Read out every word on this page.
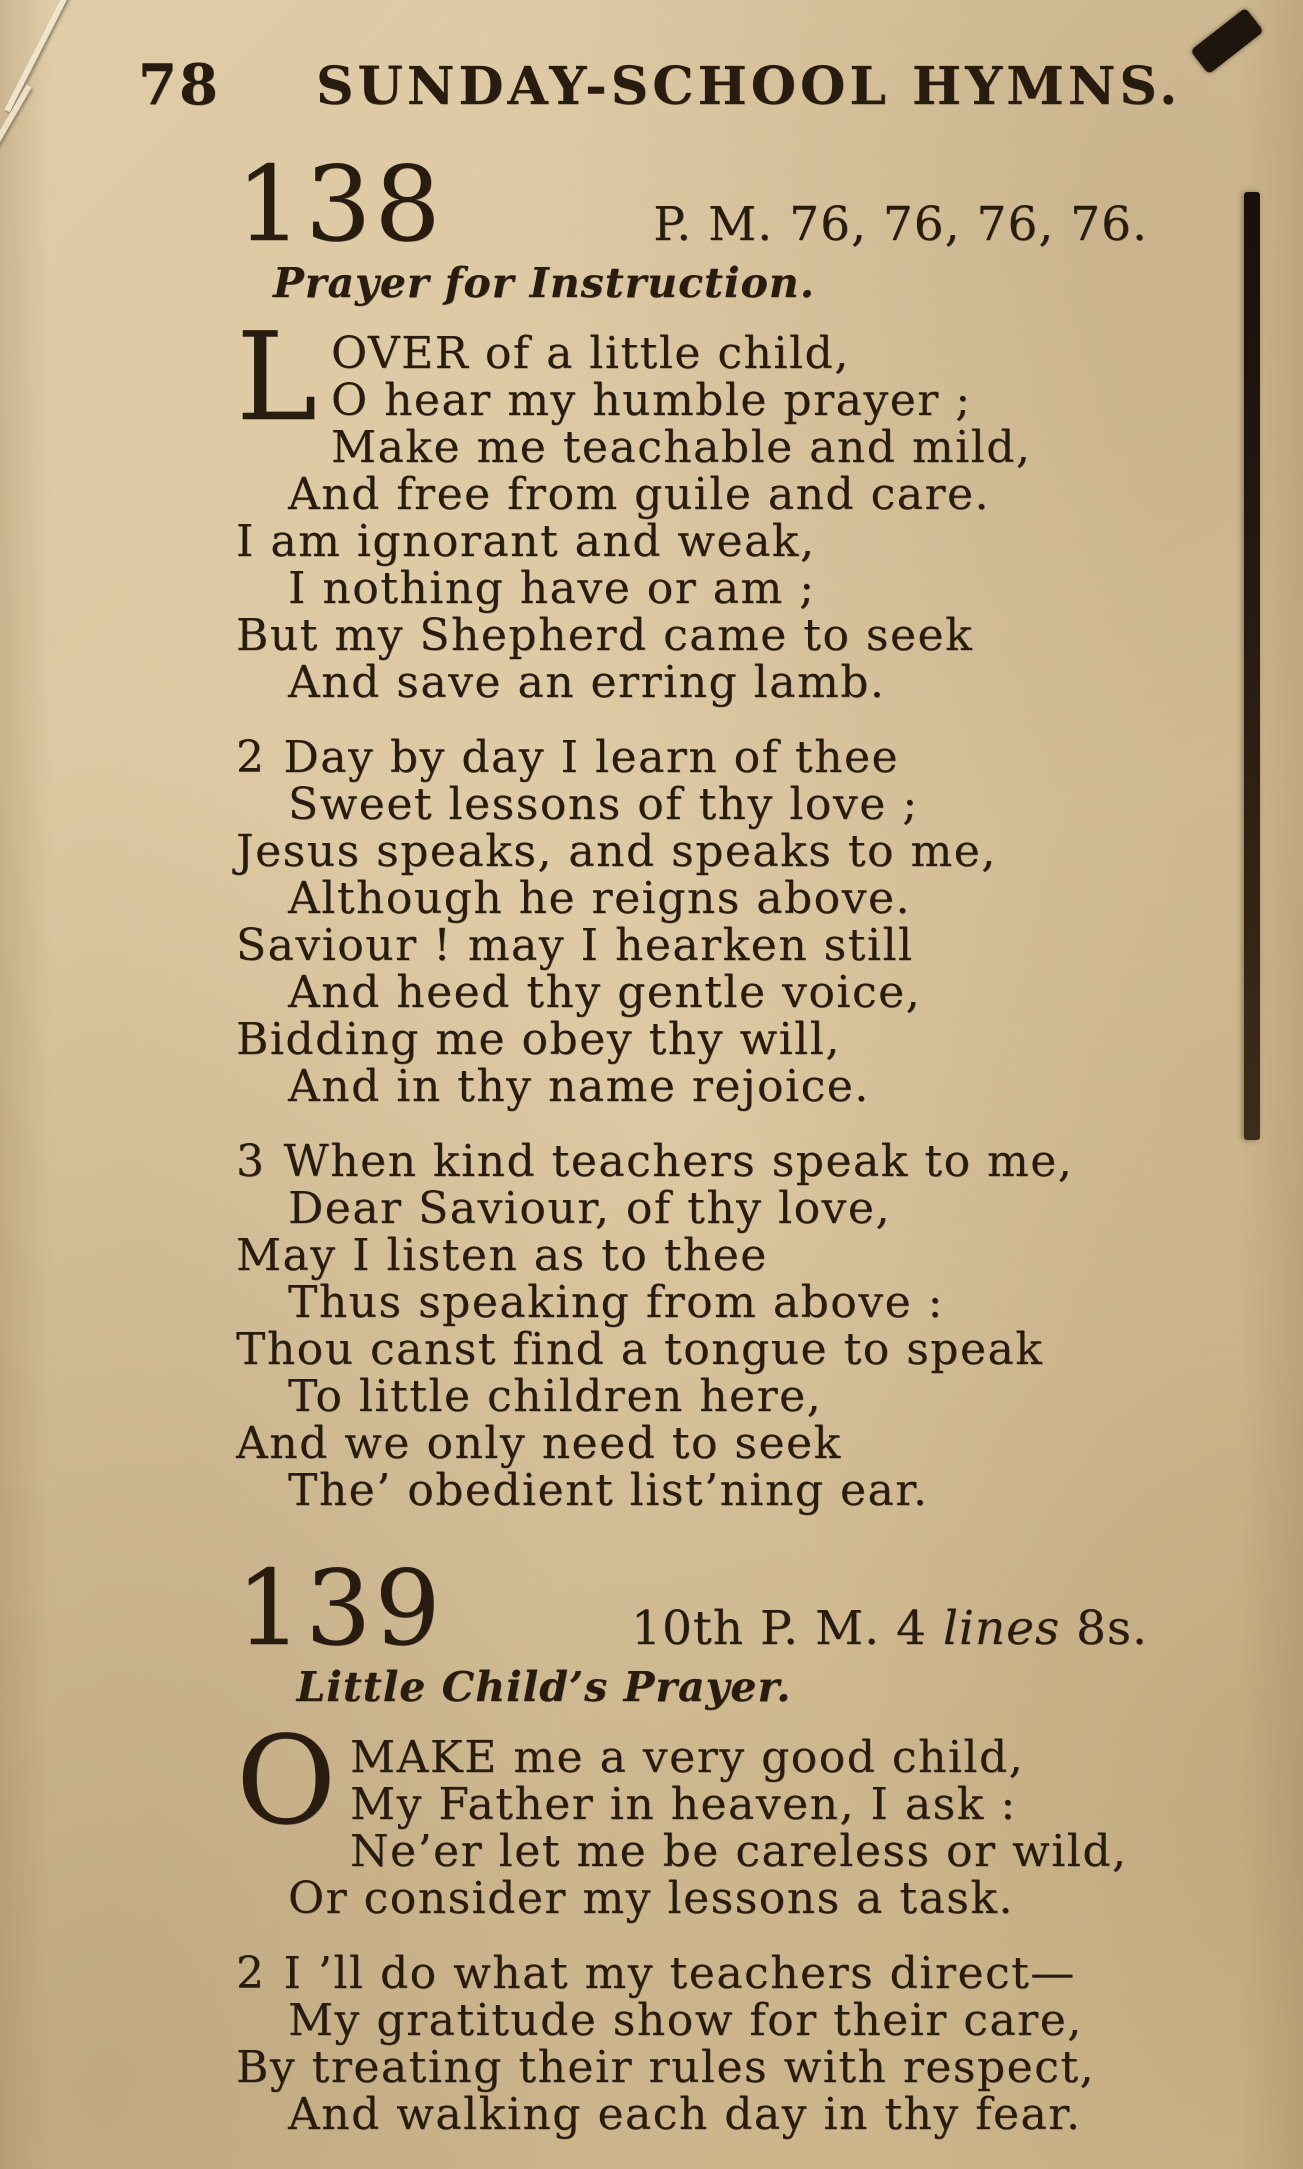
78 SUNDAY-SCHOOL HYMNS.
138	P. M. 76, 76, 76, 76.
Prayer for Instruction.
L OVER of a little child,
O hear my humble prayer ;
Make me teachable and mild,
And free from guile and care.
I am ignorant and weak,
I nothing have or am ;
But my Shepherd came to seek
And save an erring lamb.
2 Day by day I learn of thee
Sweet lessons of thy love ;
Jesus speaks, and speaks to me,
Although he reigns above.
Saviour ! may I hearken still
And heed thy gentle voice,
Bidding me obey thy will,
And in thy name rejoice.
3 When kind teachers speak to me,
Dear Saviour, of thy love,
May I listen as to thee
Thus speaking from above :
Thou canst find a tongue to speak
To little children here,
And we only need to seek
The’ obedient list’ning ear.
139	10th P. M. 4 lines 8s.
Little Child’s Prayer.
O MAKE me a very good child,
My Father in heaven, I ask :
Ne’er let me be careless or wild,
Or consider my lessons a task.
2 I ’ll do what my teachers direct—
My gratitude show for their care,
By treating their rules with respect,
And walking each day in thy fear.
